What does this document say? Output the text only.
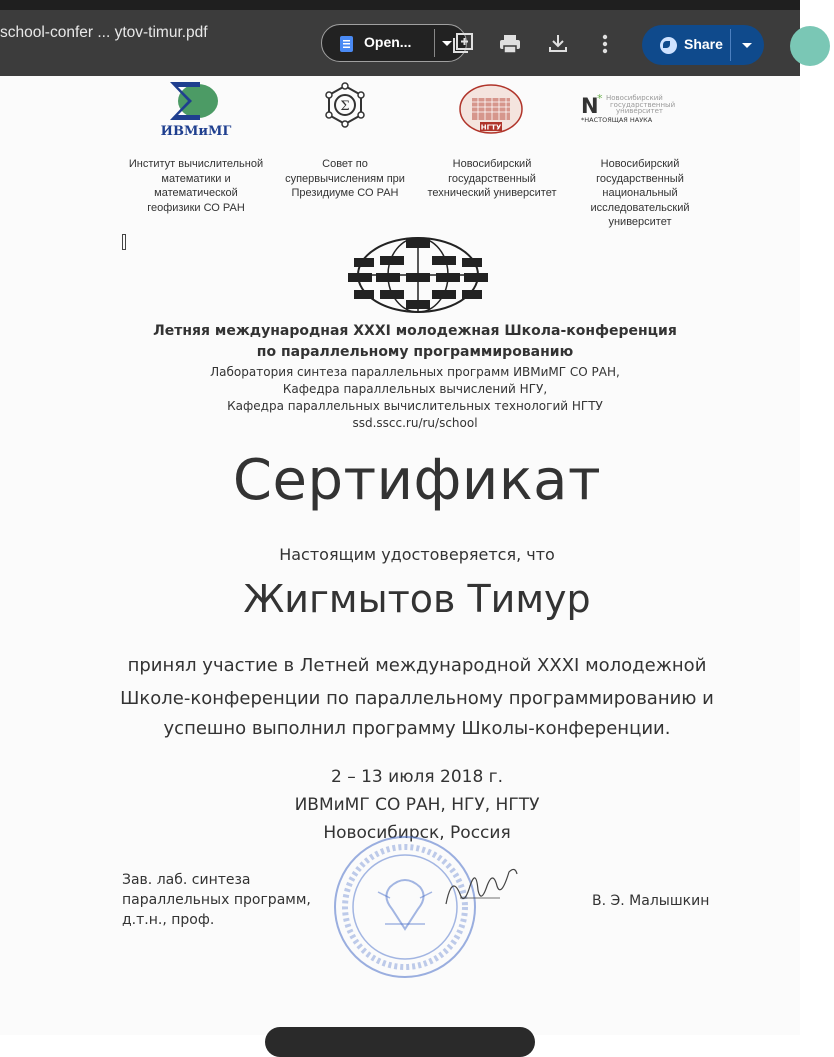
school-confer ... ytov-timur.pdf
Open...	Share
ИВМиМГ
Σ
НГТУ
N
* Новосибирский
государственный
университет
*НАСТОЯЩАЯ НАУКА
Институт вычислительной
математики и
математической
геофизики СО РАН
Совет по
супервычислениям при
Президиуме СО РАН
Новосибирский
государственный
технический университет
Новосибирский
государственный
национальный
исследовательский
университет
Летняя международная XXXI молодежная Школа-конференция
по параллельному программированию
Лаборатория синтеза параллельных программ ИВМиМГ СО РАН,
Кафедра параллельных вычислений НГУ,
Кафедра параллельных вычислительных технологий НГТУ
ssd.sscc.ru/ru/school
Сертификат
Настоящим удостоверяется, что
Жигмытов Тимур
принял участие в Летней международной XXXI молодежной
Школе-конференции по параллельному программированию и
успешно выполнил программу Школы-конференции.
2 – 13 июля 2018 г.
ИВМиМГ СО РАН, НГУ, НГТУ
Новосибирск, Россия
Зав. лаб. синтеза
параллельных программ,
д.т.н., проф.
В. Э. Малышкин
